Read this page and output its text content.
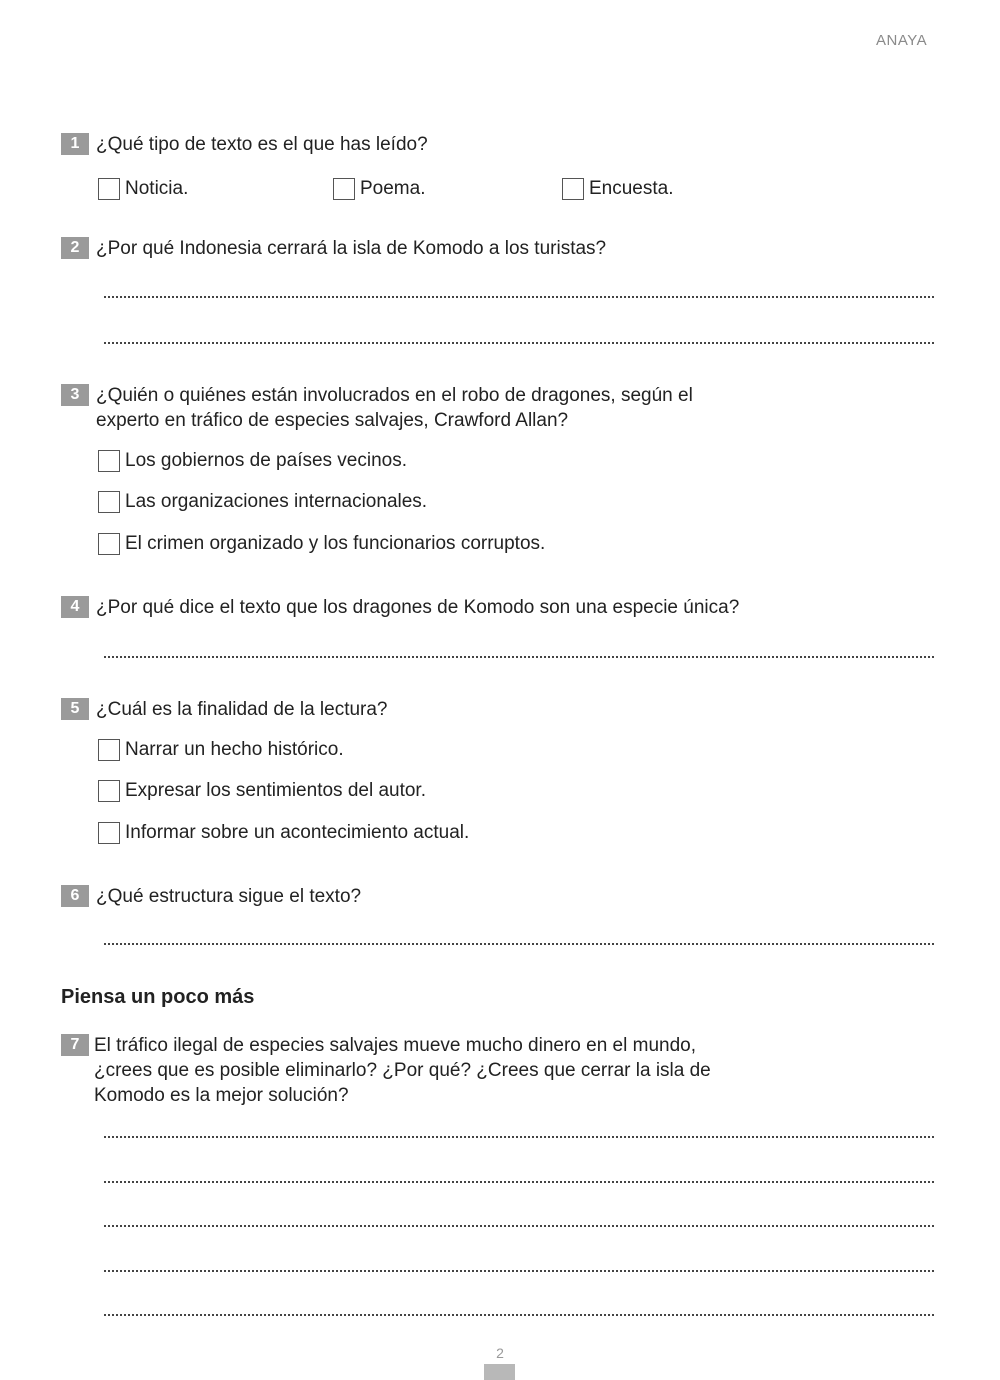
ANAYA
1 ¿Qué tipo de texto es el que has leído?
Noticia.	Poema.	Encuesta.
2 ¿Por qué Indonesia cerrará la isla de Komodo a los turistas?
3 ¿Quién o quiénes están involucrados en el robo de dragones, según el
experto en tráfico de especies salvajes, Crawford Allan?
Los gobiernos de países vecinos.
Las organizaciones internacionales.
El crimen organizado y los funcionarios corruptos.
4 ¿Por qué dice el texto que los dragones de Komodo son una especie única?
5 ¿Cuál es la finalidad de la lectura?
Narrar un hecho histórico.
Expresar los sentimientos del autor.
Informar sobre un acontecimiento actual.
6 ¿Qué estructura sigue el texto?
Piensa un poco más
7 El tráfico ilegal de especies salvajes mueve mucho dinero en el mundo,
¿crees que es posible eliminarlo? ¿Por qué? ¿Crees que cerrar la isla de
Komodo es la mejor solución?
2
